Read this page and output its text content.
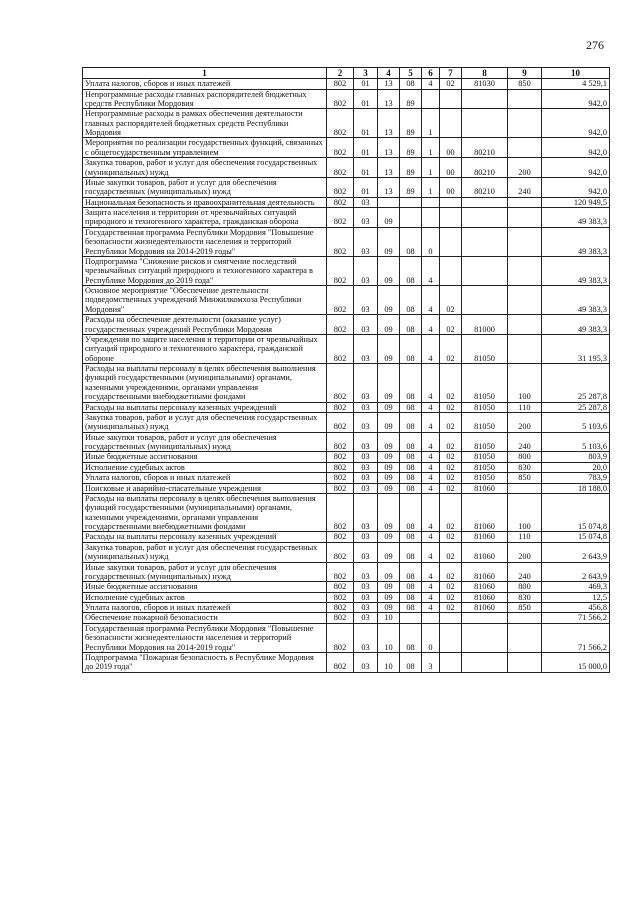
276
1	2	3	4	5	6	7	8	9	10
Уплата налогов, сборов и иных платежей	802	01	13	08	4	02	81030	850	4 529,1
Непрограммные расходы главных распорядителей бюджетных средств Республики Мордовия	802	01	13	89					942,0
Непрограммные расходы в рамках обеспечения деятельности главных распорядителей бюджетных средств Республики Мордовия	802	01	13	89	1				942,0
Мероприятия по реализации государственных функций, связанных с общегосударственным управлением	802	01	13	89	1	00	80210		942,0
Закупка товаров, работ и услуг для обеспечения государственных (муниципальных) нужд	802	01	13	89	1	00	80210	200	942,0
Иные закупки товаров, работ и услуг для обеспечения государственных (муниципальных) нужд	802	01	13	89	1	00	80210	240	942,0
Национальная безопасность и правоохранительная деятельность	802	03							120 949,5
Защита населения и территории от чрезвычайных ситуаций природного и техногенного характера, гражданская оборона	802	03	09						49 383,3
Государственная программа Республики Мордовия "Повышение безопасности жизнедеятельности населения и территорий Республики Мордовия на 2014-2019 годы"	802	03	09	08	0				49 383,3
Подпрограмма "Снижение рисков и смягчение последствий чрезвычайных ситуаций природного и техногенного характера в Республике Мордовия до 2019 года"	802	03	09	08	4				49 383,3
Основное мероприятие "Обеспечение деятельности подведомственных учреждений Минжилкомхоза Республики Мордовия"	802	03	09	08	4	02			49 383,3
Расходы на обеспечение деятельности (оказание услуг) государственных учреждений Республики Мордовия	802	03	09	08	4	02	81000		49 383,3
Учреждения по защите населения и территории от чрезвычайных ситуаций природного и техногенного характера, гражданской обороне	802	03	09	08	4	02	81050		31 195,3
Расходы на выплаты персоналу в целях обеспечения выполнения функций государственными (муниципальными) органами, казенными учреждениями, органами управления государственными внебюджетными фондами	802	03	09	08	4	02	81050	100	25 287,8
Расходы на выплаты персоналу казенных учреждений	802	03	09	08	4	02	81050	110	25 287,8
Закупка товаров, работ и услуг для обеспечения государственных (муниципальных) нужд	802	03	09	08	4	02	81050	200	5 103,6
Иные закупки товаров, работ и услуг для обеспечения государственных (муниципальных) нужд	802	03	09	08	4	02	81050	240	5 103,6
Иные бюджетные ассигнования	802	03	09	08	4	02	81050	800	803,9
Исполнение судебных актов	802	03	09	08	4	02	81050	830	20,0
Уплата налогов, сборов и иных платежей	802	03	09	08	4	02	81050	850	783,9
Поисковые и аварийно-спасательные учреждения	802	03	09	08	4	02	81060		18 188,0
Расходы на выплаты персоналу в целях обеспечения выполнения функций государственными (муниципальными) органами, казенными учреждениями, органами управления государственными внебюджетными фондами	802	03	09	08	4	02	81060	100	15 074,8
Расходы на выплаты персоналу казенных учреждений	802	03	09	08	4	02	81060	110	15 074,8
Закупка товаров, работ и услуг для обеспечения государственных (муниципальных) нужд	802	03	09	08	4	02	81060	200	2 643,9
Иные закупки товаров, работ и услуг для обеспечения государственных (муниципальных) нужд	802	03	09	08	4	02	81060	240	2 643,9
Иные бюджетные ассигнования	802	03	09	08	4	02	81060	800	469,3
Исполнение судебных актов	802	03	09	08	4	02	81060	830	12,5
Уплата налогов, сборов и иных платежей	802	03	09	08	4	02	81060	850	456,8
Обеспечение пожарной безопасности	802	03	10						71 566,2
Государственная программа Республики Мордовия "Повышение безопасности жизнедеятельности населения и территорий Республики Мордовия на 2014-2019 годы"	802	03	10	08	0				71 566,2
Подпрограмма "Пожарная безопасность в Республике Мордовия до 2019 года"	802	03	10	08	3				15 000,0
